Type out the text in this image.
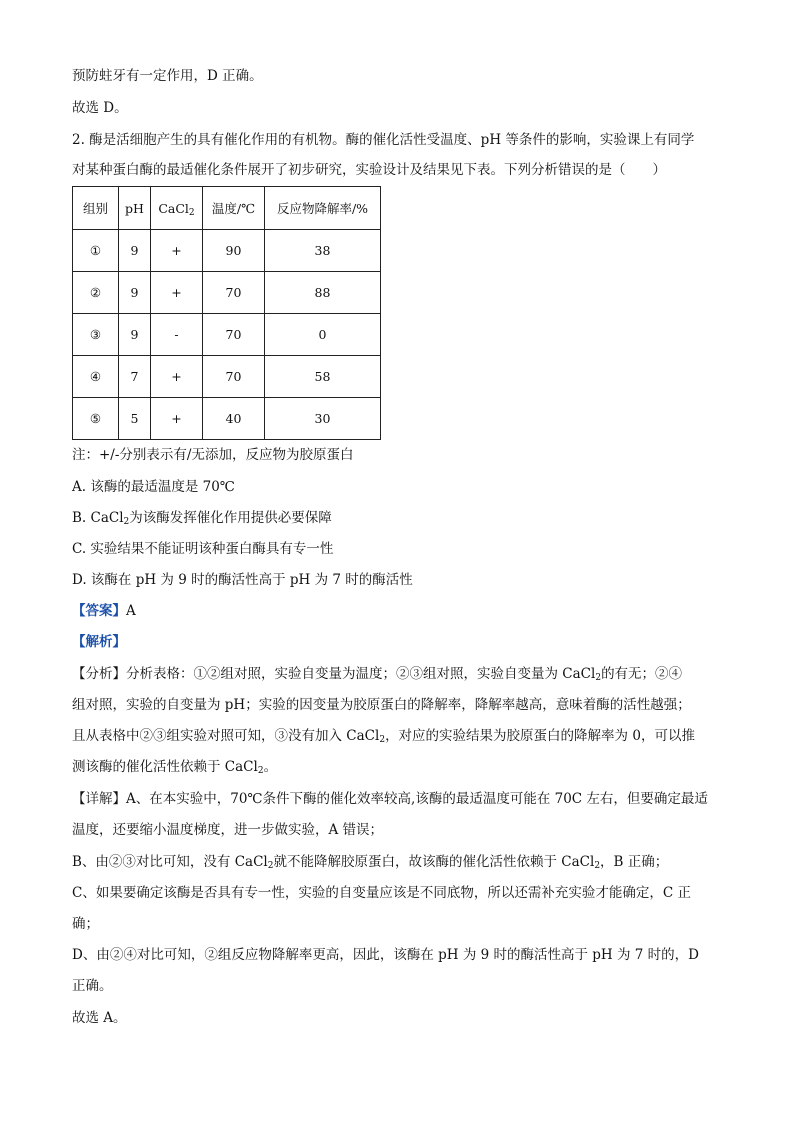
预防蛀牙有一定作用，D 正确。
故选 D。
2. 酶是活细胞产生的具有催化作用的有机物。酶的催化活性受温度、pH 等条件的影响，实验课上有同学
对某种蛋白酶的最适催化条件展开了初步研究，实验设计及结果见下表。下列分析错误的是（　　）
组别	pH	CaCl$_2$	温度/℃	反应物降解率/%
①	9	+	90	38
②	9	+	70	88
③	9	-	70	0
④	7	+	70	58
⑤	5	+	40	30
注：+/-分别表示有/无添加，反应物为胶原蛋白
A. 该酶的最适温度是 70℃
B. CaCl$_2$为该酶发挥催化作用提供必要保障
C. 实验结果不能证明该种蛋白酶具有专一性
D. 该酶在 pH 为 9 时的酶活性高于 pH 为 7 时的酶活性
【答案】A
【解析】
【分析】分析表格：①②组对照，实验自变量为温度；②③组对照，实验自变量为 CaCl$_2$的有无；②④
组对照，实验的自变量为 pH；实验的因变量为胶原蛋白的降解率，降解率越高，意味着酶的活性越强；
且从表格中②③组实验对照可知，③没有加入 CaCl$_2$，对应的实验结果为胶原蛋白的降解率为 0，可以推
测该酶的催化活性依赖于 CaCl$_2$。
【详解】A、在本实验中，70℃条件下酶的催化效率较高,该酶的最适温度可能在 70C 左右，但要确定最适
温度，还要缩小温度梯度，进一步做实验，A 错误；
B、由②③对比可知，没有 CaCl$_2$就不能降解胶原蛋白，故该酶的催化活性依赖于 CaCl$_2$，B 正确；
C、如果要确定该酶是否具有专一性，实验的自变量应该是不同底物，所以还需补充实验才能确定，C 正
确；
D、由②④对比可知，②组反应物降解率更高，因此，该酶在 pH 为 9 时的酶活性高于 pH 为 7 时的，D
正确。
故选 A。
